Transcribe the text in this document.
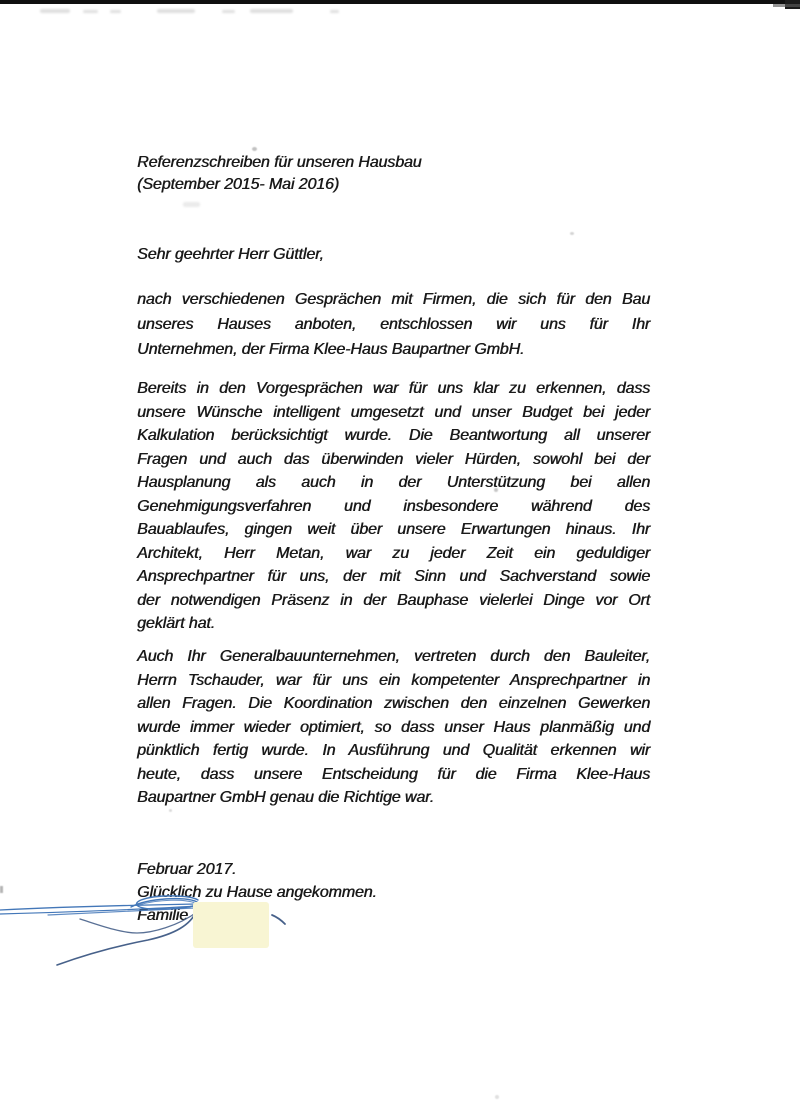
Referenzschreiben für unseren Hausbau
(September 2015- Mai 2016)
Sehr geehrter Herr Güttler,
nach verschiedenen Gesprächen mit Firmen, die sich für den Bau
unseres Hauses anboten, entschlossen wir uns für Ihr
Unternehmen, der Firma Klee-Haus Baupartner GmbH.
Bereits in den Vorgesprächen war für uns klar zu erkennen, dass
unsere Wünsche intelligent umgesetzt und unser Budget bei jeder
Kalkulation berücksichtigt wurde. Die Beantwortung all unserer
Fragen und auch das überwinden vieler Hürden, sowohl bei der
Hausplanung als auch in der Unterstützung bei allen
Genehmigungsverfahren und insbesondere während des
Bauablaufes, gingen weit über unsere Erwartungen hinaus. Ihr
Architekt, Herr Metan, war zu jeder Zeit ein geduldiger
Ansprechpartner für uns, der mit Sinn und Sachverstand sowie
der notwendigen Präsenz in der Bauphase vielerlei Dinge vor Ort
geklärt hat.
Auch Ihr Generalbauunternehmen, vertreten durch den Bauleiter,
Herrn Tschauder, war für uns ein kompetenter Ansprechpartner in
allen Fragen. Die Koordination zwischen den einzelnen Gewerken
wurde immer wieder optimiert, so dass unser Haus planmäßig und
pünktlich fertig wurde. In Ausführung und Qualität erkennen wir
heute, dass unsere Entscheidung für die Firma Klee-Haus
Baupartner GmbH genau die Richtige war.
Februar 2017.
Glücklich zu Hause angekommen.
Familie
